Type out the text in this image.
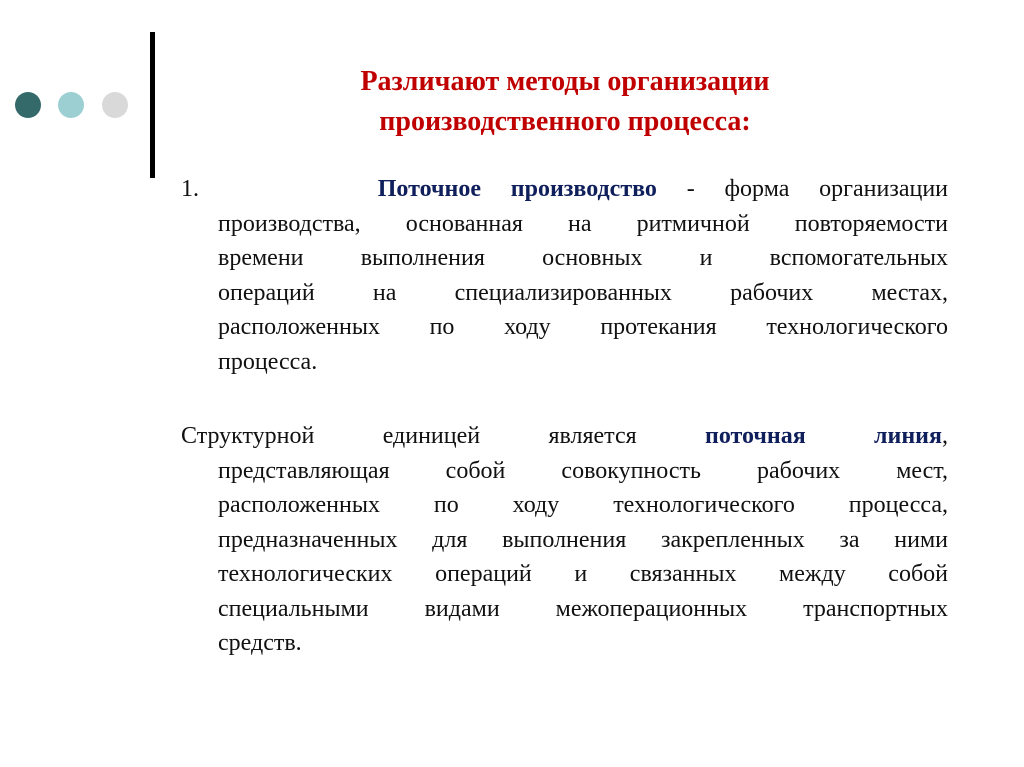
Различают методы организации
производственного процесса:
1.	Поточное производство - форма организации
производства, основанная на ритмичной повторяемости
времени выполнения основных и вспомогательных
операций на специализированных рабочих местах,
расположенных по ходу протекания технологического
процесса.
Структурной единицей является	поточная линия,
представляющая собой совокупность рабочих мест,
расположенных по ходу технологического процесса,
предназначенных для выполнения закрепленных за ними
технологических операций и связанных между собой
специальными видами межоперационных транспортных
средств.
